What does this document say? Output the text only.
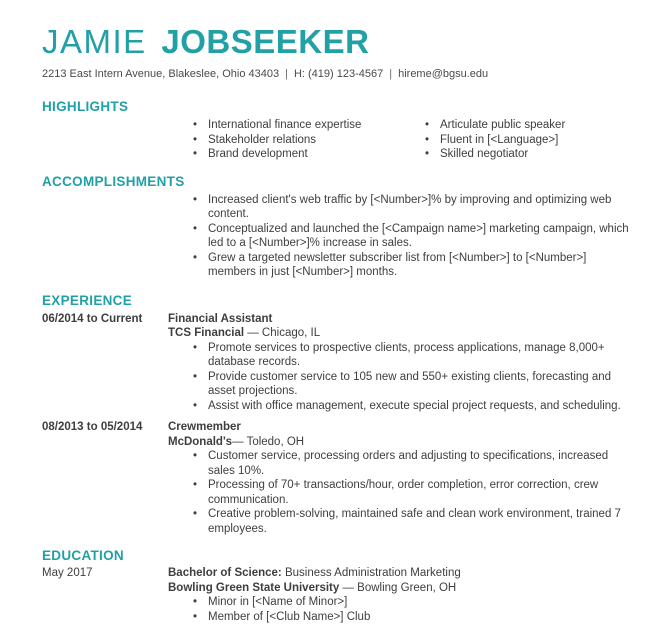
JAMIE JOBSEEKER
2213 East Intern Avenue, Blakeslee, Ohio 43403 | H: (419) 123-4567 | hireme@bgsu.edu
HIGHLIGHTS
• International finance expertise
• Stakeholder relations
• Brand development
• Articulate public speaker
• Fluent in [<Language>]
• Skilled negotiator
ACCOMPLISHMENTS
• Increased client's web traffic by [<Number>]% by improving and optimizing web content.
• Conceptualized and launched the [<Campaign name>] marketing campaign, which led to a [<Number>]% increase in sales.
• Grew a targeted newsletter subscriber list from [<Number>] to [<Number>] members in just [<Number>] months.
EXPERIENCE
06/2014 to Current	Financial Assistant
TCS Financial — Chicago, IL
• Promote services to prospective clients, process applications, manage 8,000+ database records.
• Provide customer service to 105 new and 550+ existing clients, forecasting and asset projections.
• Assist with office management, execute special project requests, and scheduling.
08/2013 to 05/2014	Crewmember
McDonald's— Toledo, OH
• Customer service, processing orders and adjusting to specifications, increased sales 10%.
• Processing of 70+ transactions/hour, order completion, error correction, crew communication.
• Creative problem-solving, maintained safe and clean work environment, trained 7 employees.
EDUCATION
May 2017	Bachelor of Science: Business Administration Marketing
Bowling Green State University — Bowling Green, OH
• Minor in [<Name of Minor>]
• Member of [<Club Name>] Club
